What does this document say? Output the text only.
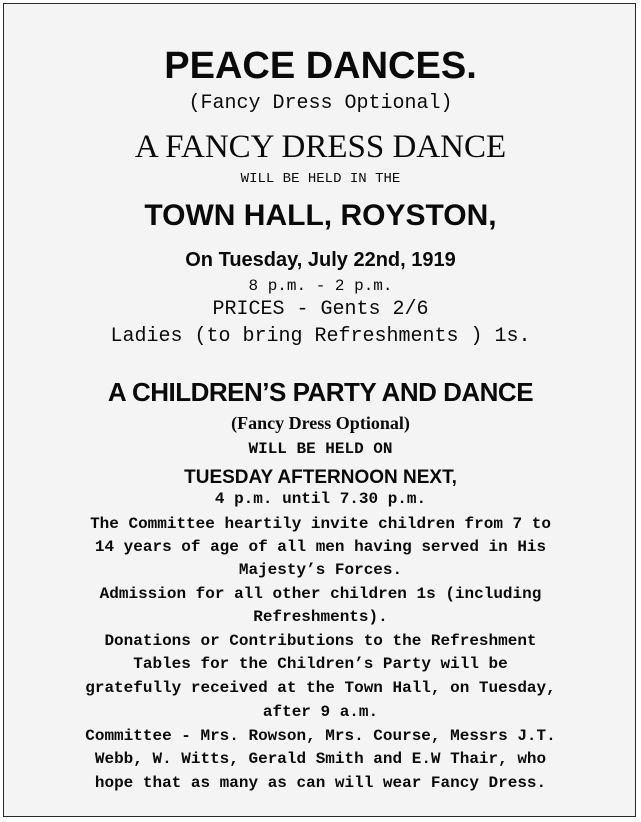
PEACE DANCES.
(Fancy Dress Optional)
A FANCY DRESS DANCE
WILL BE HELD IN THE
TOWN HALL, ROYSTON,
On Tuesday, July 22nd, 1919
8 p.m. - 2 p.m.
PRICES - Gents 2/6
Ladies (to bring Refreshments ) 1s.
A CHILDREN’S PARTY AND DANCE
(Fancy Dress Optional)
WILL BE HELD ON
TUESDAY AFTERNOON NEXT,
4 p.m. until 7.30 p.m.
The Committee heartily invite children from 7 to
14 years of age of all men having served in His
Majesty’s Forces.
Admission for all other children 1s (including
Refreshments).
Donations or Contributions to the Refreshment
Tables for the Children’s Party will be
gratefully received at the Town Hall, on Tuesday,
after 9 a.m.
Committee - Mrs. Rowson, Mrs. Course, Messrs J.T.
Webb, W. Witts, Gerald Smith and E.W Thair, who
hope that as many as can will wear Fancy Dress.
